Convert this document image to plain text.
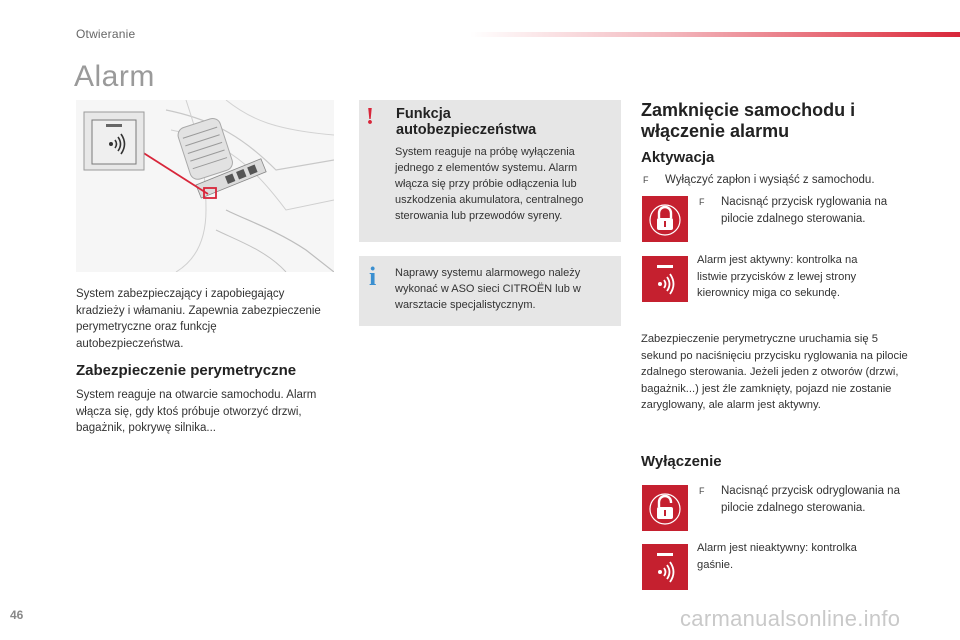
Otwieranie
Alarm
System zabezpieczający i zapobiegający kradzieży i włamaniu. Zapewnia zabezpieczenie perymetryczne oraz funkcję autobezpieczeństwa.
Zabezpieczenie perymetryczne
System reaguje na otwarcie samochodu. Alarm włącza się, gdy ktoś próbuje otworzyć drzwi, bagażnik, pokrywę silnika...
! Funkcja
autobezpieczeństwa
System reaguje na próbę wyłączenia jednego z elementów systemu. Alarm włącza się przy próbie odłączenia lub uszkodzenia akumulatora, centralnego sterowania lub przewodów syreny.
i Naprawy systemu alarmowego należy wykonać w ASO sieci CITROËN lub w warsztacie specjalistycznym.
Zamknięcie samochodu i
włączenie alarmu
Aktywacja
F Wyłączyć zapłon i wysiąść z samochodu.
F Nacisnąć przycisk ryglowania na pilocie zdalnego sterowania.
Alarm jest aktywny: kontrolka na listwie przycisków z lewej strony kierownicy miga co sekundę.
Zabezpieczenie perymetryczne uruchamia się 5 sekund po naciśnięciu przycisku ryglowania na pilocie zdalnego sterowania. Jeżeli jeden z otworów (drzwi, bagażnik...) jest źle zamknięty, pojazd nie zostanie zaryglowany, ale alarm jest aktywny.
Wyłączenie
F Nacisnąć przycisk odryglowania na pilocie zdalnego sterowania.
Alarm jest nieaktywny: kontrolka gaśnie.
46	carmanualsonline.info
